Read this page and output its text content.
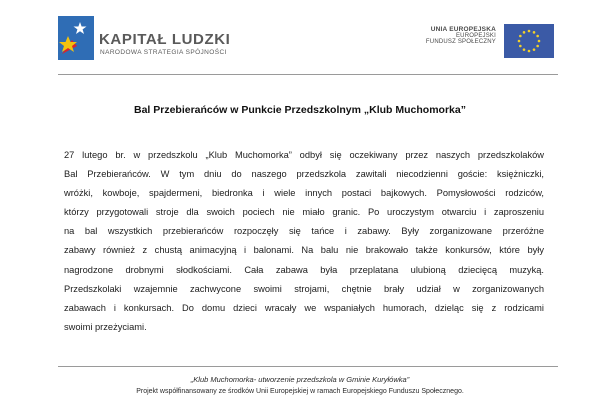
KAPITAŁ LUDZKI
NARODOWA STRATEGIA SPÓJNOŚCI
UNIA EUROPEJSKA
EUROPEJSKI
FUNDUSZ SPOŁECZNY
Bal Przebierańców w Punkcie Przedszkolnym „Klub Muchomorka”
27 lutego br. w przedszkolu „Klub Muchomorka” odbył się oczekiwany przez naszych przedszkolaków
Bal Przebierańców. W tym dniu do naszego przedszkola zawitali niecodzienni goście: księżniczki,
wróżki, kowboje, spajdermeni, biedronka i wiele innych postaci bajkowych. Pomysłowości rodziców,
którzy przygotowali stroje dla swoich pociech nie miało granic. Po uroczystym otwarciu i zaproszeniu
na bal wszystkich przebierańców rozpoczęły się tańce i zabawy. Były zorganizowane przeróżne
zabawy również z chustą animacyjną i balonami. Na balu nie brakowało także konkursów, które były
nagrodzone drobnymi słodkościami. Cała zabawa była przeplatana ulubioną dziecięcą muzyką.
Przedszkolaki wzajemnie zachwycone swoimi strojami, chętnie brały udział w zorganizowanych
zabawach i konkursach. Do domu dzieci wracały we wspaniałych humorach, dzieląc się z rodzicami
swoimi przeżyciami.
„Klub Muchomorka- utworzenie przedszkola w Gminie Kuryłówka”
Projekt współfinansowany ze środków Unii Europejskiej w ramach Europejskiego Funduszu Społecznego.
